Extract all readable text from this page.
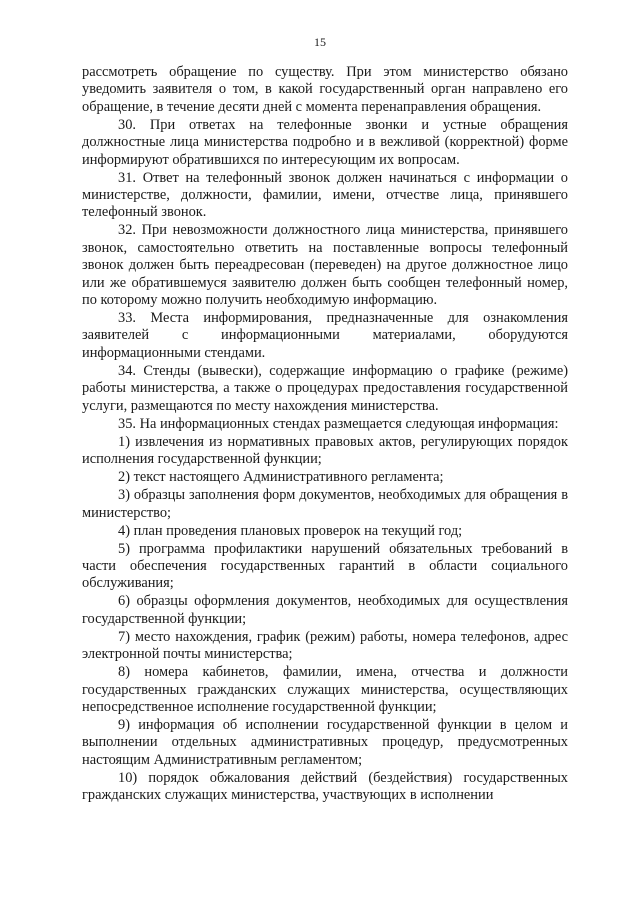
15

рассмотреть обращение по существу. При этом министерство обязано уведомить заявителя о том, в какой государственный орган направлено его обращение, в течение десяти дней с момента перенаправления обращения.

30. При ответах на телефонные звонки и устные обращения должностные лица министерства подробно и в вежливой (корректной) форме информируют обратившихся по интересующим их вопросам.

31. Ответ на телефонный звонок должен начинаться с информации о министерстве, должности, фамилии, имени, отчестве лица, принявшего телефонный звонок.

32. При невозможности должностного лица министерства, принявшего звонок, самостоятельно ответить на поставленные вопросы телефонный звонок должен быть переадресован (переведен) на другое должностное лицо или же обратившемуся заявителю должен быть сообщен телефонный номер, по которому можно получить необходимую информацию.

33. Места информирования, предназначенные для ознакомления заявителей с информационными материалами, оборудуются информационными стендами.

34. Стенды (вывески), содержащие информацию о графике (режиме) работы министерства, а также о процедурах предоставления государственной услуги, размещаются по месту нахождения министерства.

35. На информационных стендах размещается следующая информация:

1) извлечения из нормативных правовых актов, регулирующих порядок исполнения государственной функции;

2) текст настоящего Административного регламента;

3) образцы заполнения форм документов, необходимых для обращения в министерство;

4) план проведения плановых проверок на текущий год;

5) программа профилактики нарушений обязательных требований в части обеспечения государственных гарантий в области социального обслуживания;

6) образцы оформления документов, необходимых для осуществления государственной функции;

7) место нахождения, график (режим) работы, номера телефонов, адрес электронной почты министерства;

8) номера кабинетов, фамилии, имена, отчества и должности государственных гражданских служащих министерства, осуществляющих непосредственное исполнение государственной функции;

9) информация об исполнении государственной функции в целом и выполнении отдельных административных процедур, предусмотренных настоящим Административным регламентом;

10) порядок обжалования действий (бездействия) государственных гражданских служащих министерства, участвующих в исполнении
